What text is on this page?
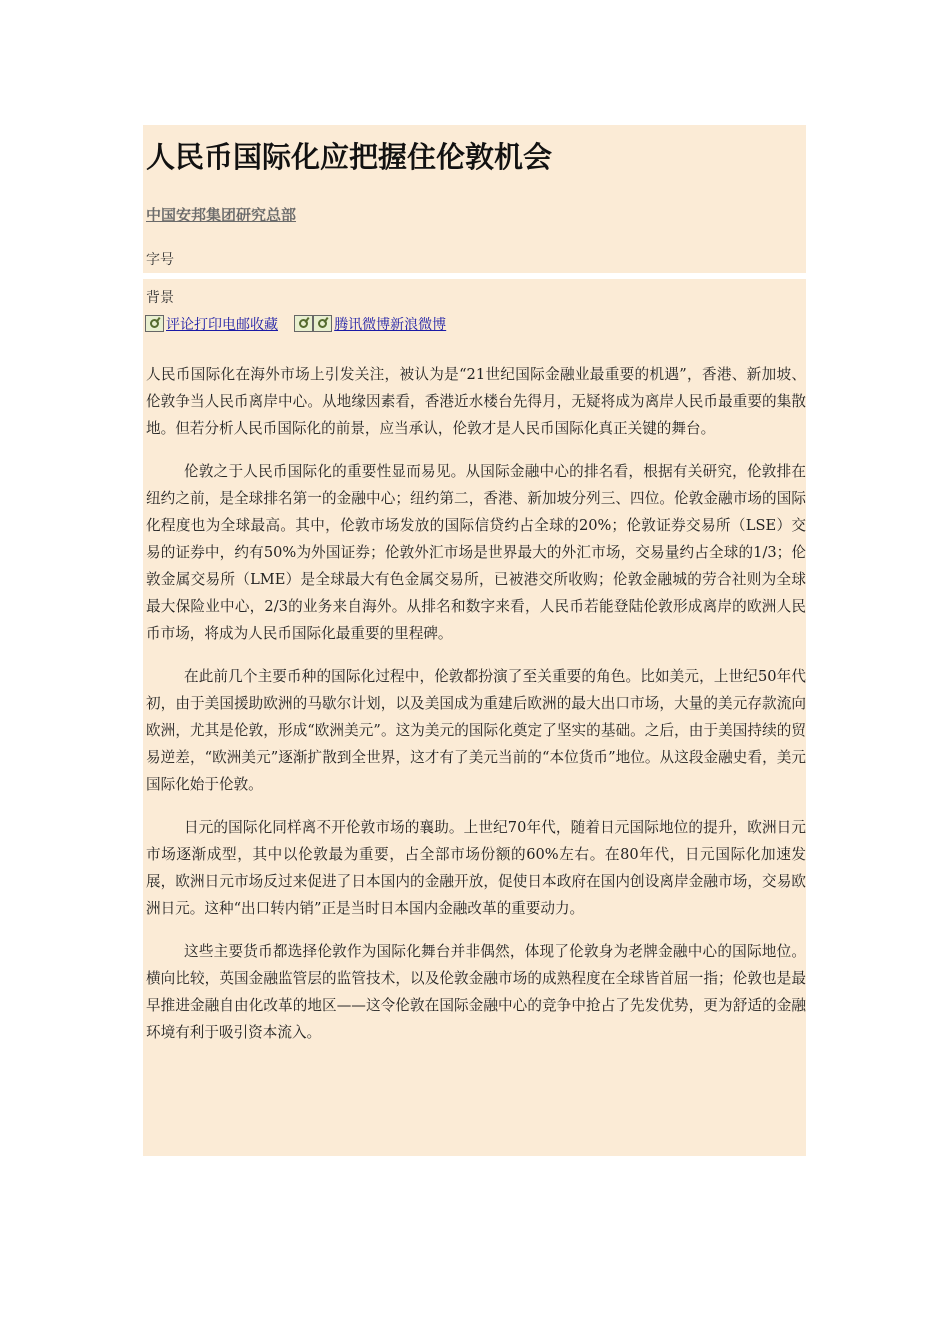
人民币国际化应把握住伦敦机会
中国安邦集团研究总部
字号
背景
评论打印电邮收藏	腾讯微博新浪微博

人民币国际化在海外市场上引发关注，被认为是“21世纪国际金融业最重要的机遇”，香港、新加坡、伦敦争当人民币离岸中心。从地缘因素看，香港近水楼台先得月，无疑将成为离岸人民币最重要的集散地。但若分析人民币国际化的前景，应当承认，伦敦才是人民币国际化真正关键的舞台。

伦敦之于人民币国际化的重要性显而易见。从国际金融中心的排名看，根据有关研究，伦敦排在纽约之前，是全球排名第一的金融中心；纽约第二，香港、新加坡分列三、四位。伦敦金融市场的国际化程度也为全球最高。其中，伦敦市场发放的国际信贷约占全球的20%；伦敦证券交易所（LSE）交易的证券中，约有50%为外国证券；伦敦外汇市场是世界最大的外汇市场，交易量约占全球的1/3；伦敦金属交易所（LME）是全球最大有色金属交易所，已被港交所收购；伦敦金融城的劳合社则为全球最大保险业中心，2/3的业务来自海外。从排名和数字来看，人民币若能登陆伦敦形成离岸的欧洲人民币市场，将成为人民币国际化最重要的里程碑。

在此前几个主要币种的国际化过程中，伦敦都扮演了至关重要的角色。比如美元，上世纪50年代初，由于美国援助欧洲的马歇尔计划，以及美国成为重建后欧洲的最大出口市场，大量的美元存款流向欧洲，尤其是伦敦，形成“欧洲美元”。这为美元的国际化奠定了坚实的基础。之后，由于美国持续的贸易逆差，“欧洲美元”逐渐扩散到全世界，这才有了美元当前的“本位货币”地位。从这段金融史看，美元国际化始于伦敦。

日元的国际化同样离不开伦敦市场的襄助。上世纪70年代，随着日元国际地位的提升，欧洲日元市场逐渐成型，其中以伦敦最为重要，占全部市场份额的60%左右。在80年代，日元国际化加速发展，欧洲日元市场反过来促进了日本国内的金融开放，促使日本政府在国内创设离岸金融市场，交易欧洲日元。这种“出口转内销”正是当时日本国内金融改革的重要动力。

这些主要货币都选择伦敦作为国际化舞台并非偶然，体现了伦敦身为老牌金融中心的国际地位。横向比较，英国金融监管层的监管技术，以及伦敦金融市场的成熟程度在全球皆首屈一指；伦敦也是最早推进金融自由化改革的地区——这令伦敦在国际金融中心的竞争中抢占了先发优势，更为舒适的金融环境有利于吸引资本流入。
